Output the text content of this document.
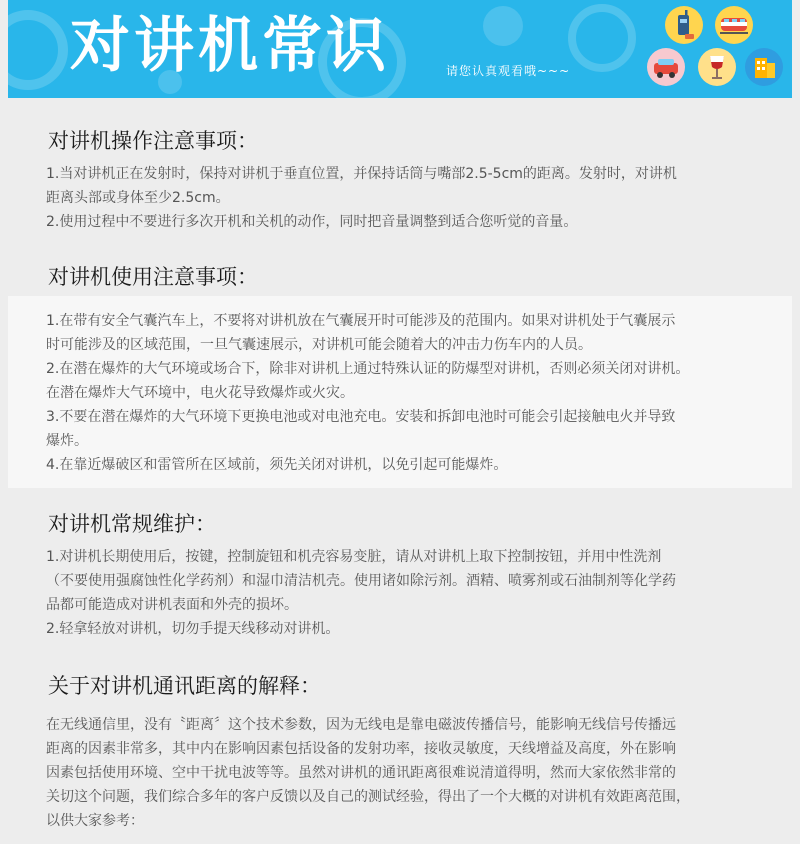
对讲机常识	请您认真观看哦~~~
对讲机操作注意事项：

1.当对讲机正在发射时，保持对讲机于垂直位置，并保持话筒与嘴部2.5-5cm的距离。发射时，对讲机

距离头部或身体至少2.5cm。

2.使用过程中不要进行多次开机和关机的动作，同时把音量调整到适合您听觉的音量。

对讲机使用注意事项：

1.在带有安全气囊汽车上，不要将对讲机放在气囊展开时可能涉及的范围内。如果对讲机处于气囊展示

时可能涉及的区域范围，一旦气囊速展示，对讲机可能会随着大的冲击力伤车内的人员。

2.在潜在爆炸的大气环境或场合下，除非对讲机上通过特殊认证的防爆型对讲机，否则必须关闭对讲机。

在潜在爆炸大气环境中，电火花导致爆炸或火灾。

3.不要在潜在爆炸的大气环境下更换电池或对电池充电。安装和拆卸电池时可能会引起接触电火并导致

爆炸。

4.在靠近爆破区和雷管所在区域前，须先关闭对讲机，以免引起可能爆炸。

对讲机常规维护：

1.对讲机长期使用后，按键，控制旋钮和机壳容易变脏，请从对讲机上取下控制按钮，并用中性洗剂

（不要使用强腐蚀性化学药剂）和湿巾清洁机壳。使用诸如除污剂。酒精、喷雾剂或石油制剂等化学药

品都可能造成对讲机表面和外壳的损坏。

2.轻拿轻放对讲机，切勿手提天线移动对讲机。

关于对讲机通讯距离的解释：

在无线通信里，没有〝距离〞这个技术参数，因为无线电是靠电磁波传播信号，能影响无线信号传播远

距离的因素非常多，其中内在影响因素包括设备的发射功率，接收灵敏度，天线增益及高度，外在影响

因素包括使用环境、空中干扰电波等等。虽然对讲机的通讯距离很难说清道得明，然而大家依然非常的

关切这个问题，我们综合多年的客户反馈以及自己的测试经验，得出了一个大概的对讲机有效距离范围，

以供大家参考：
